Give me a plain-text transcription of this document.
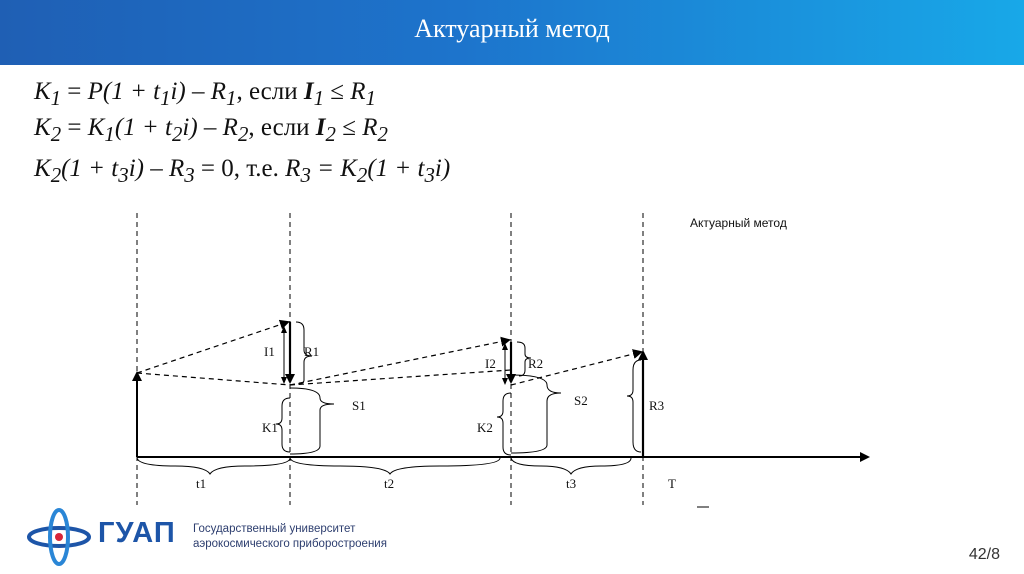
Актуарный метод
$К_1 = P(1 + t_1i) - R_1$, если $I_1 \le R_1$
$K_2 = K_1(1 + t_2i) - R_2$, если $I_2 \le R_2$
$K_2(1 + t_3i) - R_3 = 0$, т.е. $R_3 = K_2(1 + t_3i)$
Актуарный метод
I1 R1
K1
S1
I2 R2
K2
S2	R3
t1	t2	t3	T
ГУАП Государственный университет
аэрокосмического приборостроения
42/8
